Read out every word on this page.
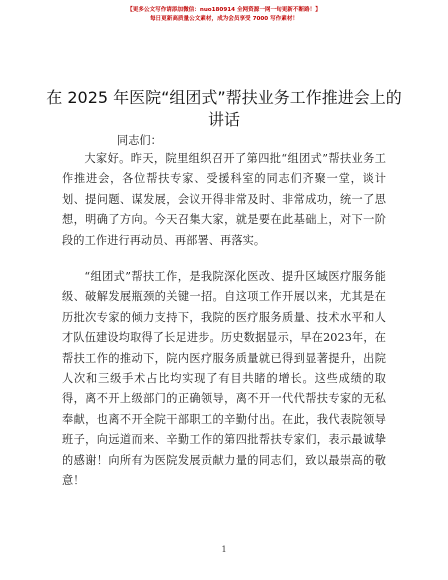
【更多公文写作请添加微信：nuo180914 全网资源一网一旬更新不断路！】
每日更新高质量公文素材，成为会员享受 7000 写作素材！
在 2025 年医院“组团式”帮扶业务工作推进会上的讲话
同志们：
大家好。昨天，院里组织召开了第四批“组团式”帮扶业务工作推进会，各位帮扶专家、受援科室的同志们齐聚一堂，谈计划、提问题、谋发展，会议开得非常及时、非常成功，统一了思想，明确了方向。今天召集大家，就是要在此基础上，对下一阶段的工作进行再动员、再部署、再落实。
“组团式”帮扶工作，是我院深化医改、提升区域医疗服务能级、破解发展瓶颈的关键一招。自这项工作开展以来，尤其是在历批次专家的倾力支持下，我院的医疗服务质量、技术水平和人才队伍建设均取得了长足进步。历史数据显示，早在2023年，在帮扶工作的推动下，院内医疗服务质量就已得到显著提升，出院人次和三级手术占比均实现了有目共睹的增长。这些成绩的取得，离不开上级部门的正确领导，离不开一代代帮扶专家的无私奉献，也离不开全院干部职工的辛勤付出。在此，我代表院领导班子，向远道而来、辛勤工作的第四批帮扶专家们，表示最诚挚的感谢！向所有为医院发展贡献力量的同志们，致以最崇高的敬意！
1
